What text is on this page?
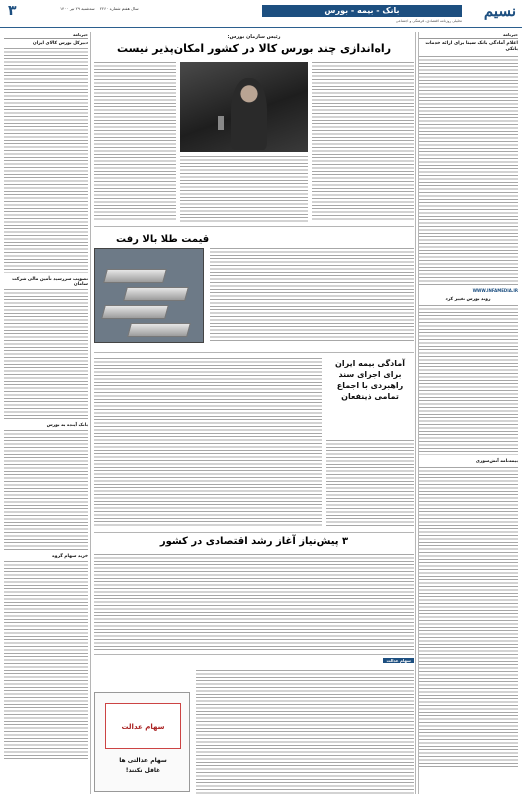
نسیم
بانک - بیمه - بورس
تحلیلی روزنامه اقتصادی، فرهنگی و اجتماعی
سال هفتم شماره ۲۲۶۰    سه‌شنبه ۲۹ تیر ۱۴۰۰
۳
خبرنامه
اعلام آمادگی بانک سینا برای ارائه خدمات بانکی
WWW.INFAMEDIA.IR
روند بورس تغییر کرد
بیمه‌نامه آتش‌سوزی
خبرنامه
دبیرکل بورس کالای ایران
تصویب سررسید تأمین مالی شرکت سامان
بانک آینده به بورس
خرید سهام گروه
رئیس سازمان بورس:
راه‌اندازی چند بورس کالا در کشور امکان‌پذیر نیست
قیمت طلا بالا رفت
آمادگی بیمه ایران
برای اجرای سند
راهبردی با اجماع
تمامی ذینفعان
۳ پیش‌نیاز آغاز رشد اقتصادی در کشور
سهام عدالت
سهام عدالت
سهام عدالتی ها
غافل نکنند!
